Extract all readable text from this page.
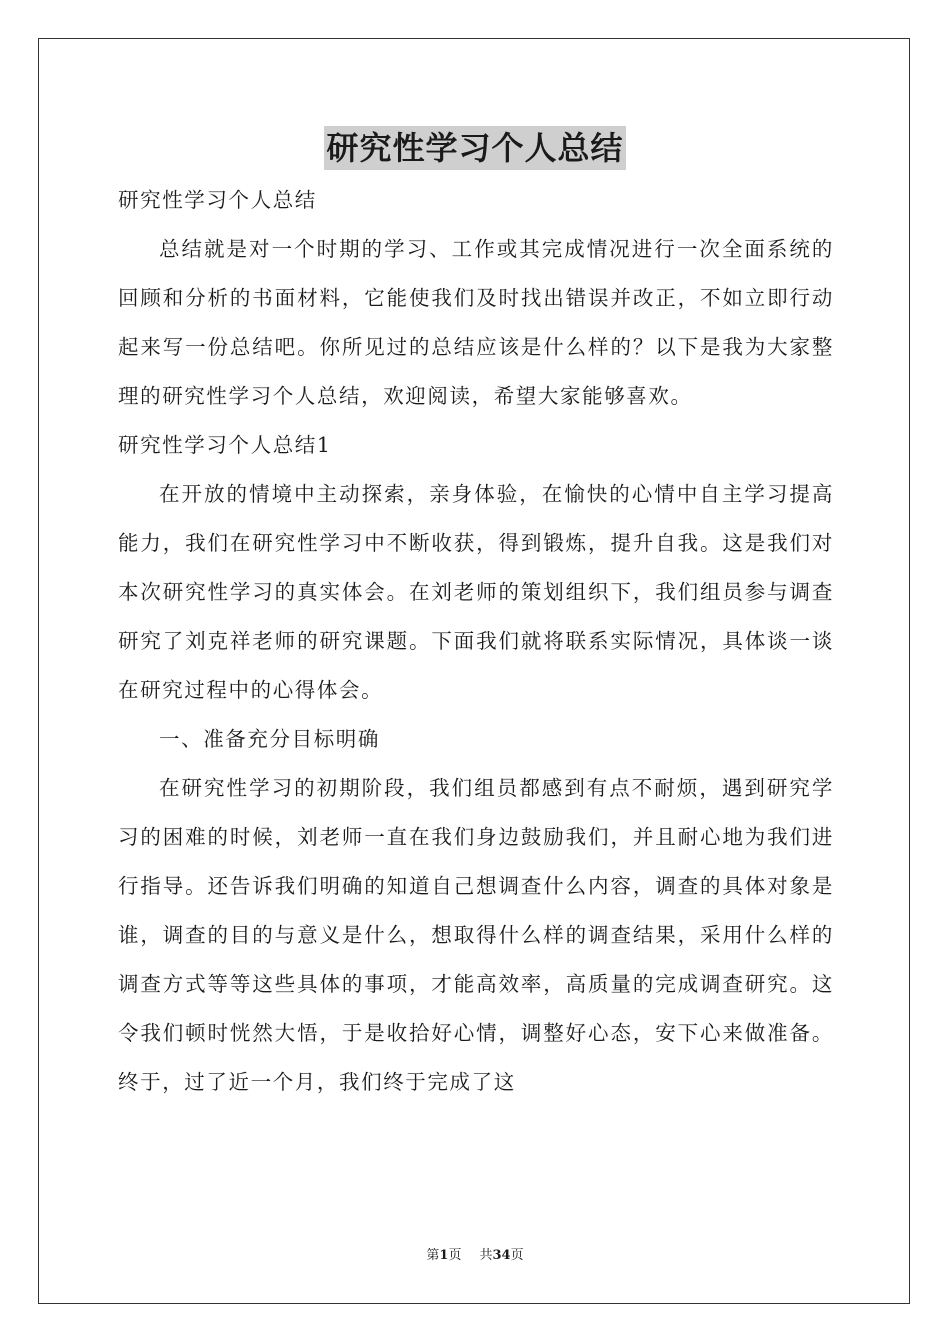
研究性学习个人总结

研究性学习个人总结

总结就是对一个时期的学习、工作或其完成情况进行一次全面系统的回顾和分析的书面材料，它能使我们及时找出错误并改正，不如立即行动起来写一份总结吧。你所见过的总结应该是什么样的？以下是我为大家整理的研究性学习个人总结，欢迎阅读，希望大家能够喜欢。

研究性学习个人总结1

在开放的情境中主动探索，亲身体验，在愉快的心情中自主学习提高能力，我们在研究性学习中不断收获，得到锻炼，提升自我。这是我们对本次研究性学习的真实体会。在刘老师的策划组织下，我们组员参与调查研究了刘克祥老师的研究课题。下面我们就将联系实际情况，具体谈一谈在研究过程中的心得体会。

一、准备充分目标明确

在研究性学习的初期阶段，我们组员都感到有点不耐烦，遇到研究学习的困难的时候，刘老师一直在我们身边鼓励我们，并且耐心地为我们进行指导。还告诉我们明确的知道自己想调查什么内容，调查的具体对象是谁，调查的目的与意义是什么，想取得什么样的调查结果，采用什么样的调查方式等等这些具体的事项，才能高效率，高质量的完成调查研究。这令我们顿时恍然大悟，于是收拾好心情，调整好心态，安下心来做准备。终于，过了近一个月，我们终于完成了这

第1页 共34页
